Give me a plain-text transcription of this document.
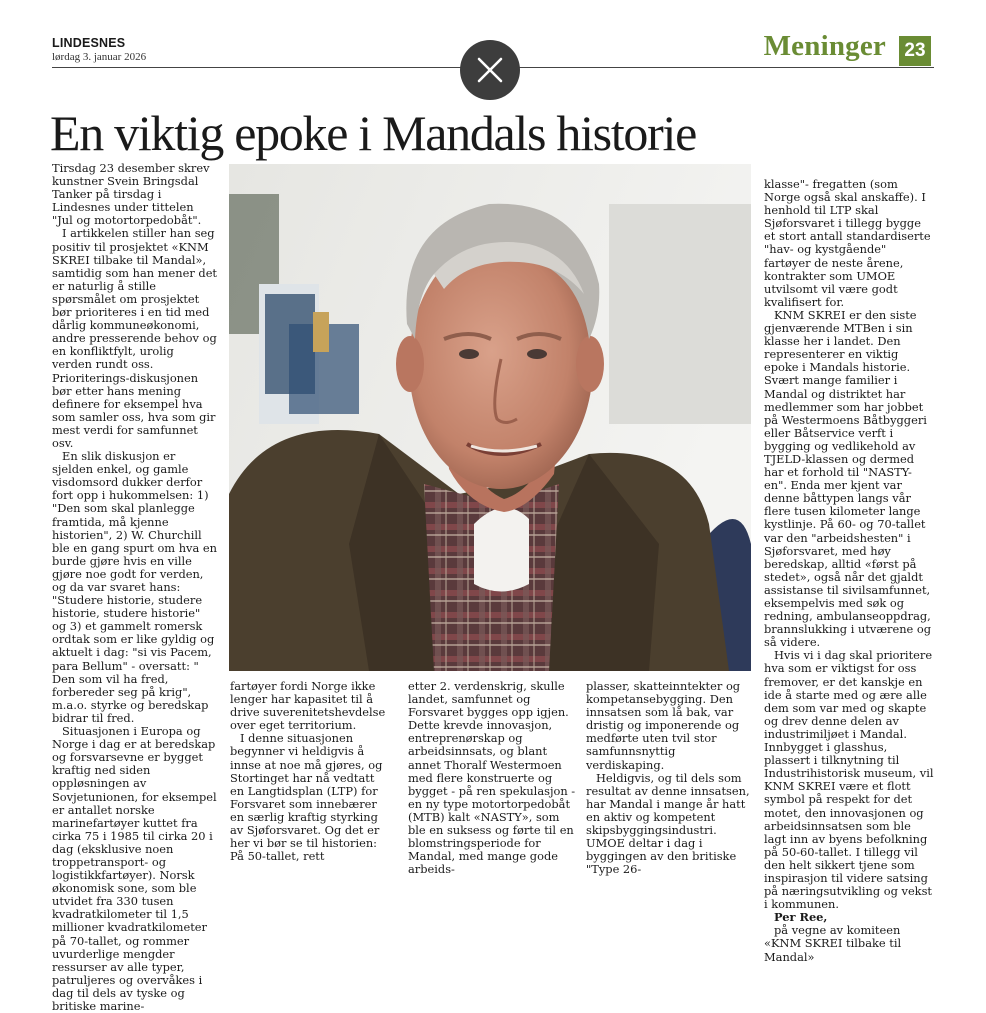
LINDESNES
lørdag 3. januar 2026	Meninger 23
En viktig epoke i Mandals historie

Tirsdag 23 desember skrev kunstner Svein Bringsdal Tanker på tirsdag i Lindesnes under tittelen "Jul og motortorpedobåt".

I artikkelen stiller han seg positiv til prosjektet «KNM SKREI tilbake til Mandal», samtidig som han mener det er naturlig å stille spørsmålet om prosjektet bør prioriteres i en tid med dårlig kommuneøkonomi, andre presserende behov og en konfliktfylt, urolig verden rundt oss. Prioriterings-diskusjonen bør etter hans mening definere for eksempel hva som samler oss, hva som gir mest verdi for samfunnet osv.

En slik diskusjon er sjelden enkel, og gamle visdomsord dukker derfor fort opp i hukommelsen: 1) "Den som skal planlegge framtida, må kjenne historien", 2) W. Churchill ble en gang spurt om hva en burde gjøre hvis en ville gjøre noe godt for verden, og da var svaret hans: "Studere historie, studere historie, studere historie" og 3) et gammelt romersk ordtak som er like gyldig og aktuelt i dag: "si vis Pacem, para Bellum" - oversatt: " Den som vil ha fred, forbereder seg på krig", m.a.o. styrke og beredskap bidrar til fred.

Situasjonen i Europa og Norge i dag er at beredskap og forsvarsevne er bygget kraftig ned siden oppløsningen av Sovjetunionen, for eksempel er antallet norske marinefartøyer kuttet fra cirka 75 i 1985 til cirka 20 i dag (eksklusive noen troppetransport- og logistikkfartøyer). Norsk økonomisk sone, som ble utvidet fra 330 tusen kvadratkilometer til 1,5 millioner kvadratkilometer på 70-tallet, og rommer uvurderlige mengder ressurser av alle typer, patruljeres og overvåkes i dag til dels av tyske og britiske marine-

fartøyer fordi Norge ikke lenger har kapasitet til å drive suverenitetshevdelse over eget territorium.

I denne situasjonen begynner vi heldigvis å innse at noe må gjøres, og Stortinget har nå vedtatt en Langtidsplan (LTP) for Forsvaret som innebærer en særlig kraftig styrking av Sjøforsvaret. Og det er her vi bør se til historien: På 50-tallet, rett

etter 2. verdenskrig, skulle landet, samfunnet og Forsvaret bygges opp igjen. Dette krevde innovasjon, entreprenørskap og arbeidsinnsats, og blant annet Thoralf Westermoen med flere konstruerte og bygget - på ren spekulasjon - en ny type motortorpedobåt (MTB) kalt «NASTY», som ble en suksess og førte til en blomstringsperiode for Mandal, med mange gode arbeids-

plasser, skatteinntekter og kompetansebygging. Den innsatsen som lå bak, var dristig og imponerende og medførte uten tvil stor samfunnsnyttig verdiskaping.

Heldigvis, og til dels som resultat av denne innsatsen, har Mandal i mange år hatt en aktiv og kompetent skipsbyggingsindustri. UMOE deltar i dag i byggingen av den britiske "Type 26-

klasse"- fregatten (som Norge også skal anskaffe). I henhold til LTP skal Sjøforsvaret i tillegg bygge et stort antall standardiserte "hav- og kystgående" fartøyer de neste årene, kontrakter som UMOE utvilsomt vil være godt kvalifisert for.

KNM SKREI er den siste gjenværende MTBen i sin klasse her i landet. Den representerer en viktig epoke i Mandals historie. Svært mange familier i Mandal og distriktet har medlemmer som har jobbet på Westermoens Båtbyggeri eller Båtservice verft i bygging og vedlikehold av TJELD-klassen og dermed har et forhold til "NASTY-en". Enda mer kjent var denne båttypen langs vår flere tusen kilometer lange kystlinje. På 60- og 70-tallet var den "arbeidshesten" i Sjøforsvaret, med høy beredskap, alltid «først på stedet», også når det gjaldt assistanse til sivilsamfunnet, eksempelvis med søk og redning, ambulanseoppdrag, brannslukking i utværene og så videre.

Hvis vi i dag skal prioritere hva som er viktigst for oss fremover, er det kanskje en ide å starte med og ære alle dem som var med og skapte og drev denne delen av industrimiljøet i Mandal. Innbygget i glasshus, plassert i tilknytning til Industrihistorisk museum, vil KNM SKREI være et flott symbol på respekt for det motet, den innovasjonen og arbeidsinnsatsen som ble lagt inn av byens befolkning på 50-60-tallet. I tillegg vil den helt sikkert tjene som inspirasjon til videre satsing på næringsutvikling og vekst i kommunen.

Per Ree,

på vegne av komiteen «KNM SKREI tilbake til Mandal»
